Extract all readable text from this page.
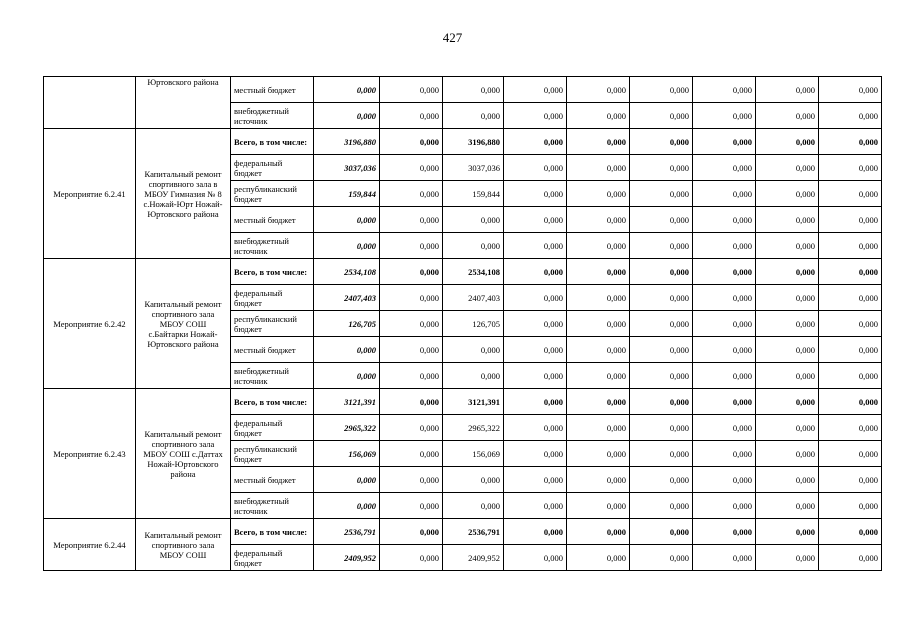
427
	Юртовского района	местный бюджет	0,000	0,000	0,000	0,000	0,000	0,000	0,000	0,000	0,000
		внебюджетный источник	0,000	0,000	0,000	0,000	0,000	0,000	0,000	0,000	0,000
Мероприятие 6.2.41	Капитальный ремонт спортивного зала в МБОУ Гимназия № 8 с.Ножай-Юрт Ножай-Юртовского района	Всего, в том числе:	3196,880	0,000	3196,880	0,000	0,000	0,000	0,000	0,000	0,000
		федеральный бюджет	3037,036	0,000	3037,036	0,000	0,000	0,000	0,000	0,000	0,000
		республиканский бюджет	159,844	0,000	159,844	0,000	0,000	0,000	0,000	0,000	0,000
		местный бюджет	0,000	0,000	0,000	0,000	0,000	0,000	0,000	0,000	0,000
		внебюджетный источник	0,000	0,000	0,000	0,000	0,000	0,000	0,000	0,000	0,000
Мероприятие 6.2.42	Капитальный ремонт спортивного зала МБОУ СОШ с.Байтарки Ножай-Юртовского района	Всего, в том числе:	2534,108	0,000	2534,108	0,000	0,000	0,000	0,000	0,000	0,000
		федеральный бюджет	2407,403	0,000	2407,403	0,000	0,000	0,000	0,000	0,000	0,000
		республиканский бюджет	126,705	0,000	126,705	0,000	0,000	0,000	0,000	0,000	0,000
		местный бюджет	0,000	0,000	0,000	0,000	0,000	0,000	0,000	0,000	0,000
		внебюджетный источник	0,000	0,000	0,000	0,000	0,000	0,000	0,000	0,000	0,000
Мероприятие 6.2.43	Капитальный ремонт спортивного зала МБОУ СОШ с.Даттах Ножай-Юртовского района	Всего, в том числе:	3121,391	0,000	3121,391	0,000	0,000	0,000	0,000	0,000	0,000
		федеральный бюджет	2965,322	0,000	2965,322	0,000	0,000	0,000	0,000	0,000	0,000
		республиканский бюджет	156,069	0,000	156,069	0,000	0,000	0,000	0,000	0,000	0,000
		местный бюджет	0,000	0,000	0,000	0,000	0,000	0,000	0,000	0,000	0,000
		внебюджетный источник	0,000	0,000	0,000	0,000	0,000	0,000	0,000	0,000	0,000
Мероприятие 6.2.44	Капитальный ремонт спортивного зала МБОУ СОШ	Всего, в том числе:	2536,791	0,000	2536,791	0,000	0,000	0,000	0,000	0,000	0,000
		федеральный бюджет	2409,952	0,000	2409,952	0,000	0,000	0,000	0,000	0,000	0,000
